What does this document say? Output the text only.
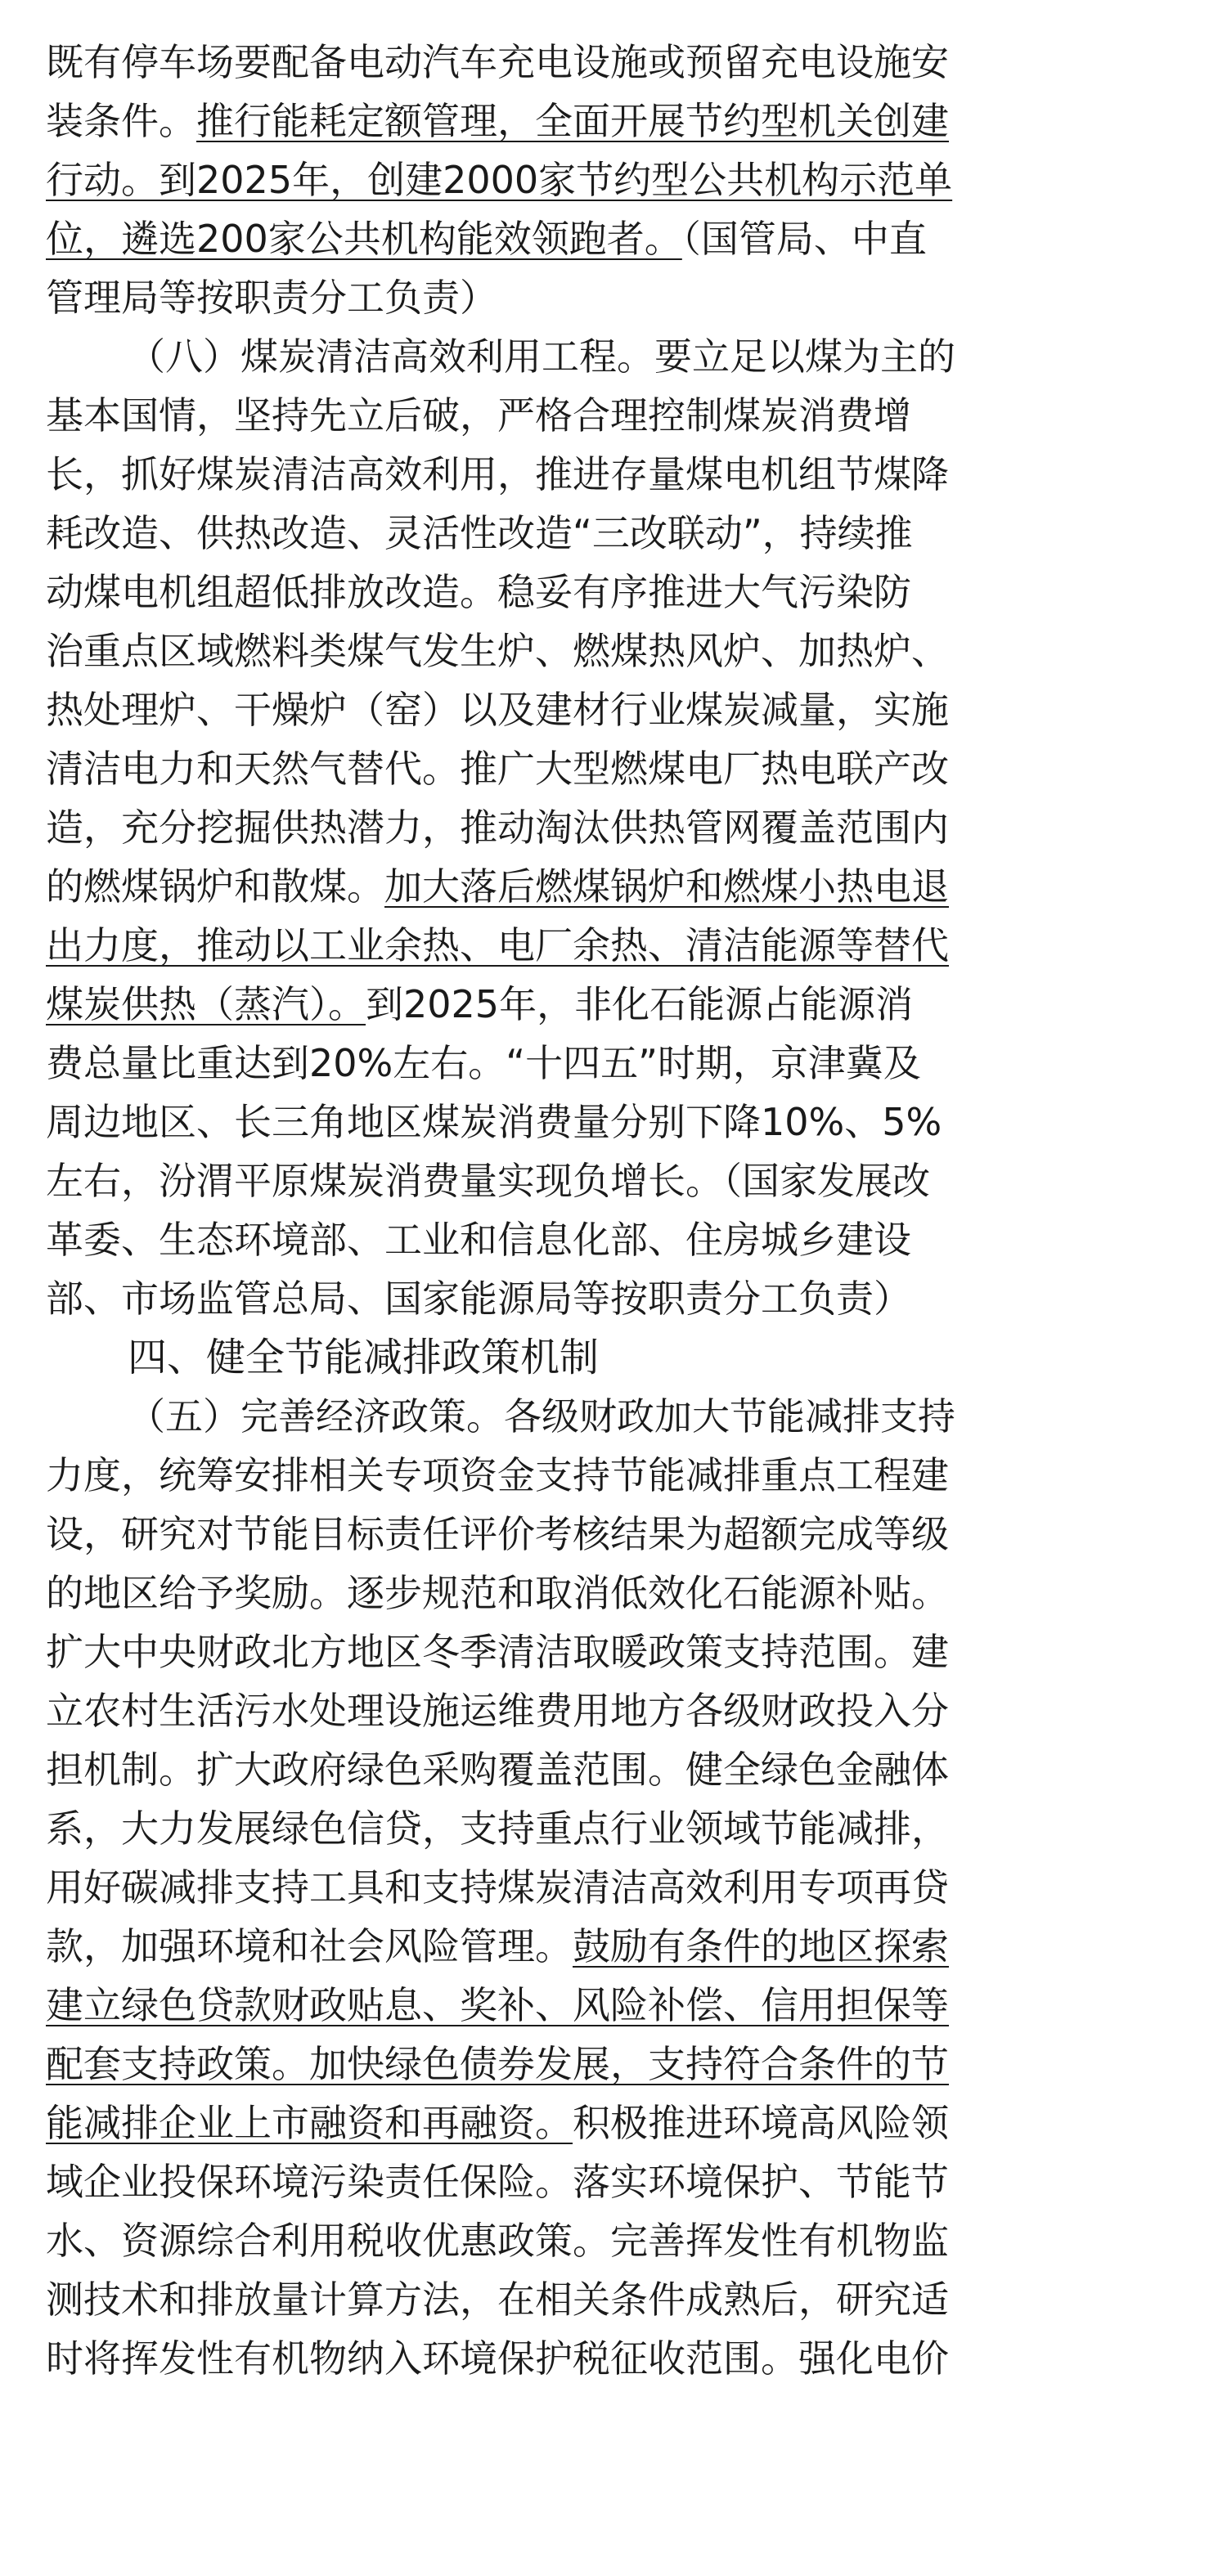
既有停车场要配备电动汽车充电设施或预留充电设施安

装条件。推行能耗定额管理，全面开展节约型机关创建

行动。到2025年，创建2000家节约型公共机构示范单

位，遴选200家公共机构能效领跑者。（国管局、中直

管理局等按职责分工负责）

（八）煤炭清洁高效利用工程。要立足以煤为主的

基本国情，坚持先立后破，严格合理控制煤炭消费增

长，抓好煤炭清洁高效利用，推进存量煤电机组节煤降

耗改造、供热改造、灵活性改造“三改联动”，持续推

动煤电机组超低排放改造。稳妥有序推进大气污染防

治重点区域燃料类煤气发生炉、燃煤热风炉、加热炉、

热处理炉、干燥炉（窑）以及建材行业煤炭减量，实施

清洁电力和天然气替代。推广大型燃煤电厂热电联产改

造，充分挖掘供热潜力，推动淘汰供热管网覆盖范围内

的燃煤锅炉和散煤。加大落后燃煤锅炉和燃煤小热电退

出力度，推动以工业余热、电厂余热、清洁能源等替代

煤炭供热（蒸汽）。到2025年，非化石能源占能源消

费总量比重达到20%左右。“十四五”时期，京津冀及

周边地区、长三角地区煤炭消费量分别下降10%、5%

左右，汾渭平原煤炭消费量实现负增长。（国家发展改

革委、生态环境部、工业和信息化部、住房城乡建设

部、市场监管总局、国家能源局等按职责分工负责）

四、健全节能减排政策机制

（五）完善经济政策。各级财政加大节能减排支持

力度，统筹安排相关专项资金支持节能减排重点工程建

设，研究对节能目标责任评价考核结果为超额完成等级

的地区给予奖励。逐步规范和取消低效化石能源补贴。

扩大中央财政北方地区冬季清洁取暖政策支持范围。建

立农村生活污水处理设施运维费用地方各级财政投入分

担机制。扩大政府绿色采购覆盖范围。健全绿色金融体

系，大力发展绿色信贷，支持重点行业领域节能减排，

用好碳减排支持工具和支持煤炭清洁高效利用专项再贷

款，加强环境和社会风险管理。鼓励有条件的地区探索

建立绿色贷款财政贴息、奖补、风险补偿、信用担保等

配套支持政策。加快绿色债券发展，支持符合条件的节

能减排企业上市融资和再融资。积极推进环境高风险领

域企业投保环境污染责任保险。落实环境保护、节能节

水、资源综合利用税收优惠政策。完善挥发性有机物监

测技术和排放量计算方法，在相关条件成熟后，研究适

时将挥发性有机物纳入环境保护税征收范围。强化电价
